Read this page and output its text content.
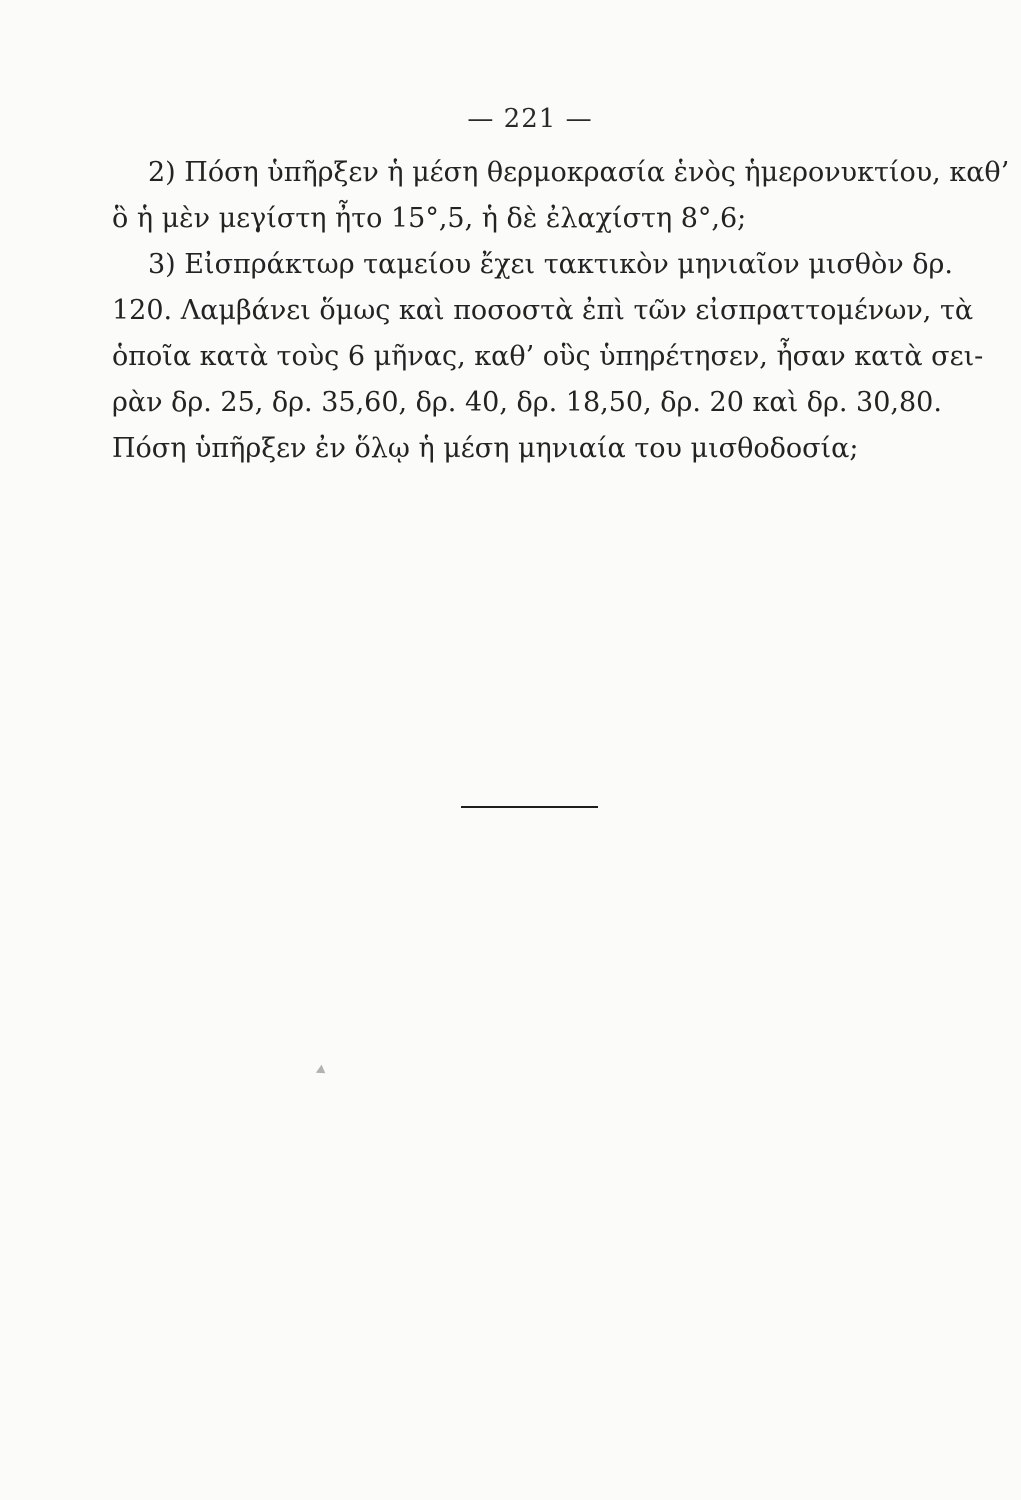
— 221 —
2) Πόση ὑπῆρξεν ἡ μέση θερμοκρασία ἑνὸς ἡμερονυκτίου, καθ’
ὃ ἡ μὲν μεγίστη ἦτο 15°,5, ἡ δὲ ἐλαχίστη 8°,6;
3) Εἰσπράκτωρ ταμείου ἔχει τακτικὸν μηνιαῖον μισθὸν δρ.
120. Λαμβάνει ὅμως καὶ ποσοστὰ ἐπὶ τῶν εἰσπραττομένων, τὰ
ὁποῖα κατὰ τοὺς 6 μῆνας, καθ’ οὓς ὑπηρέτησεν, ἦσαν κατὰ σει-
ρὰν δρ. 25, δρ. 35,60, δρ. 40, δρ. 18,50, δρ. 20 καὶ δρ. 30,80.
Πόση ὑπῆρξεν ἐν ὅλῳ ἡ μέση μηνιαία του μισθοδοσία;
